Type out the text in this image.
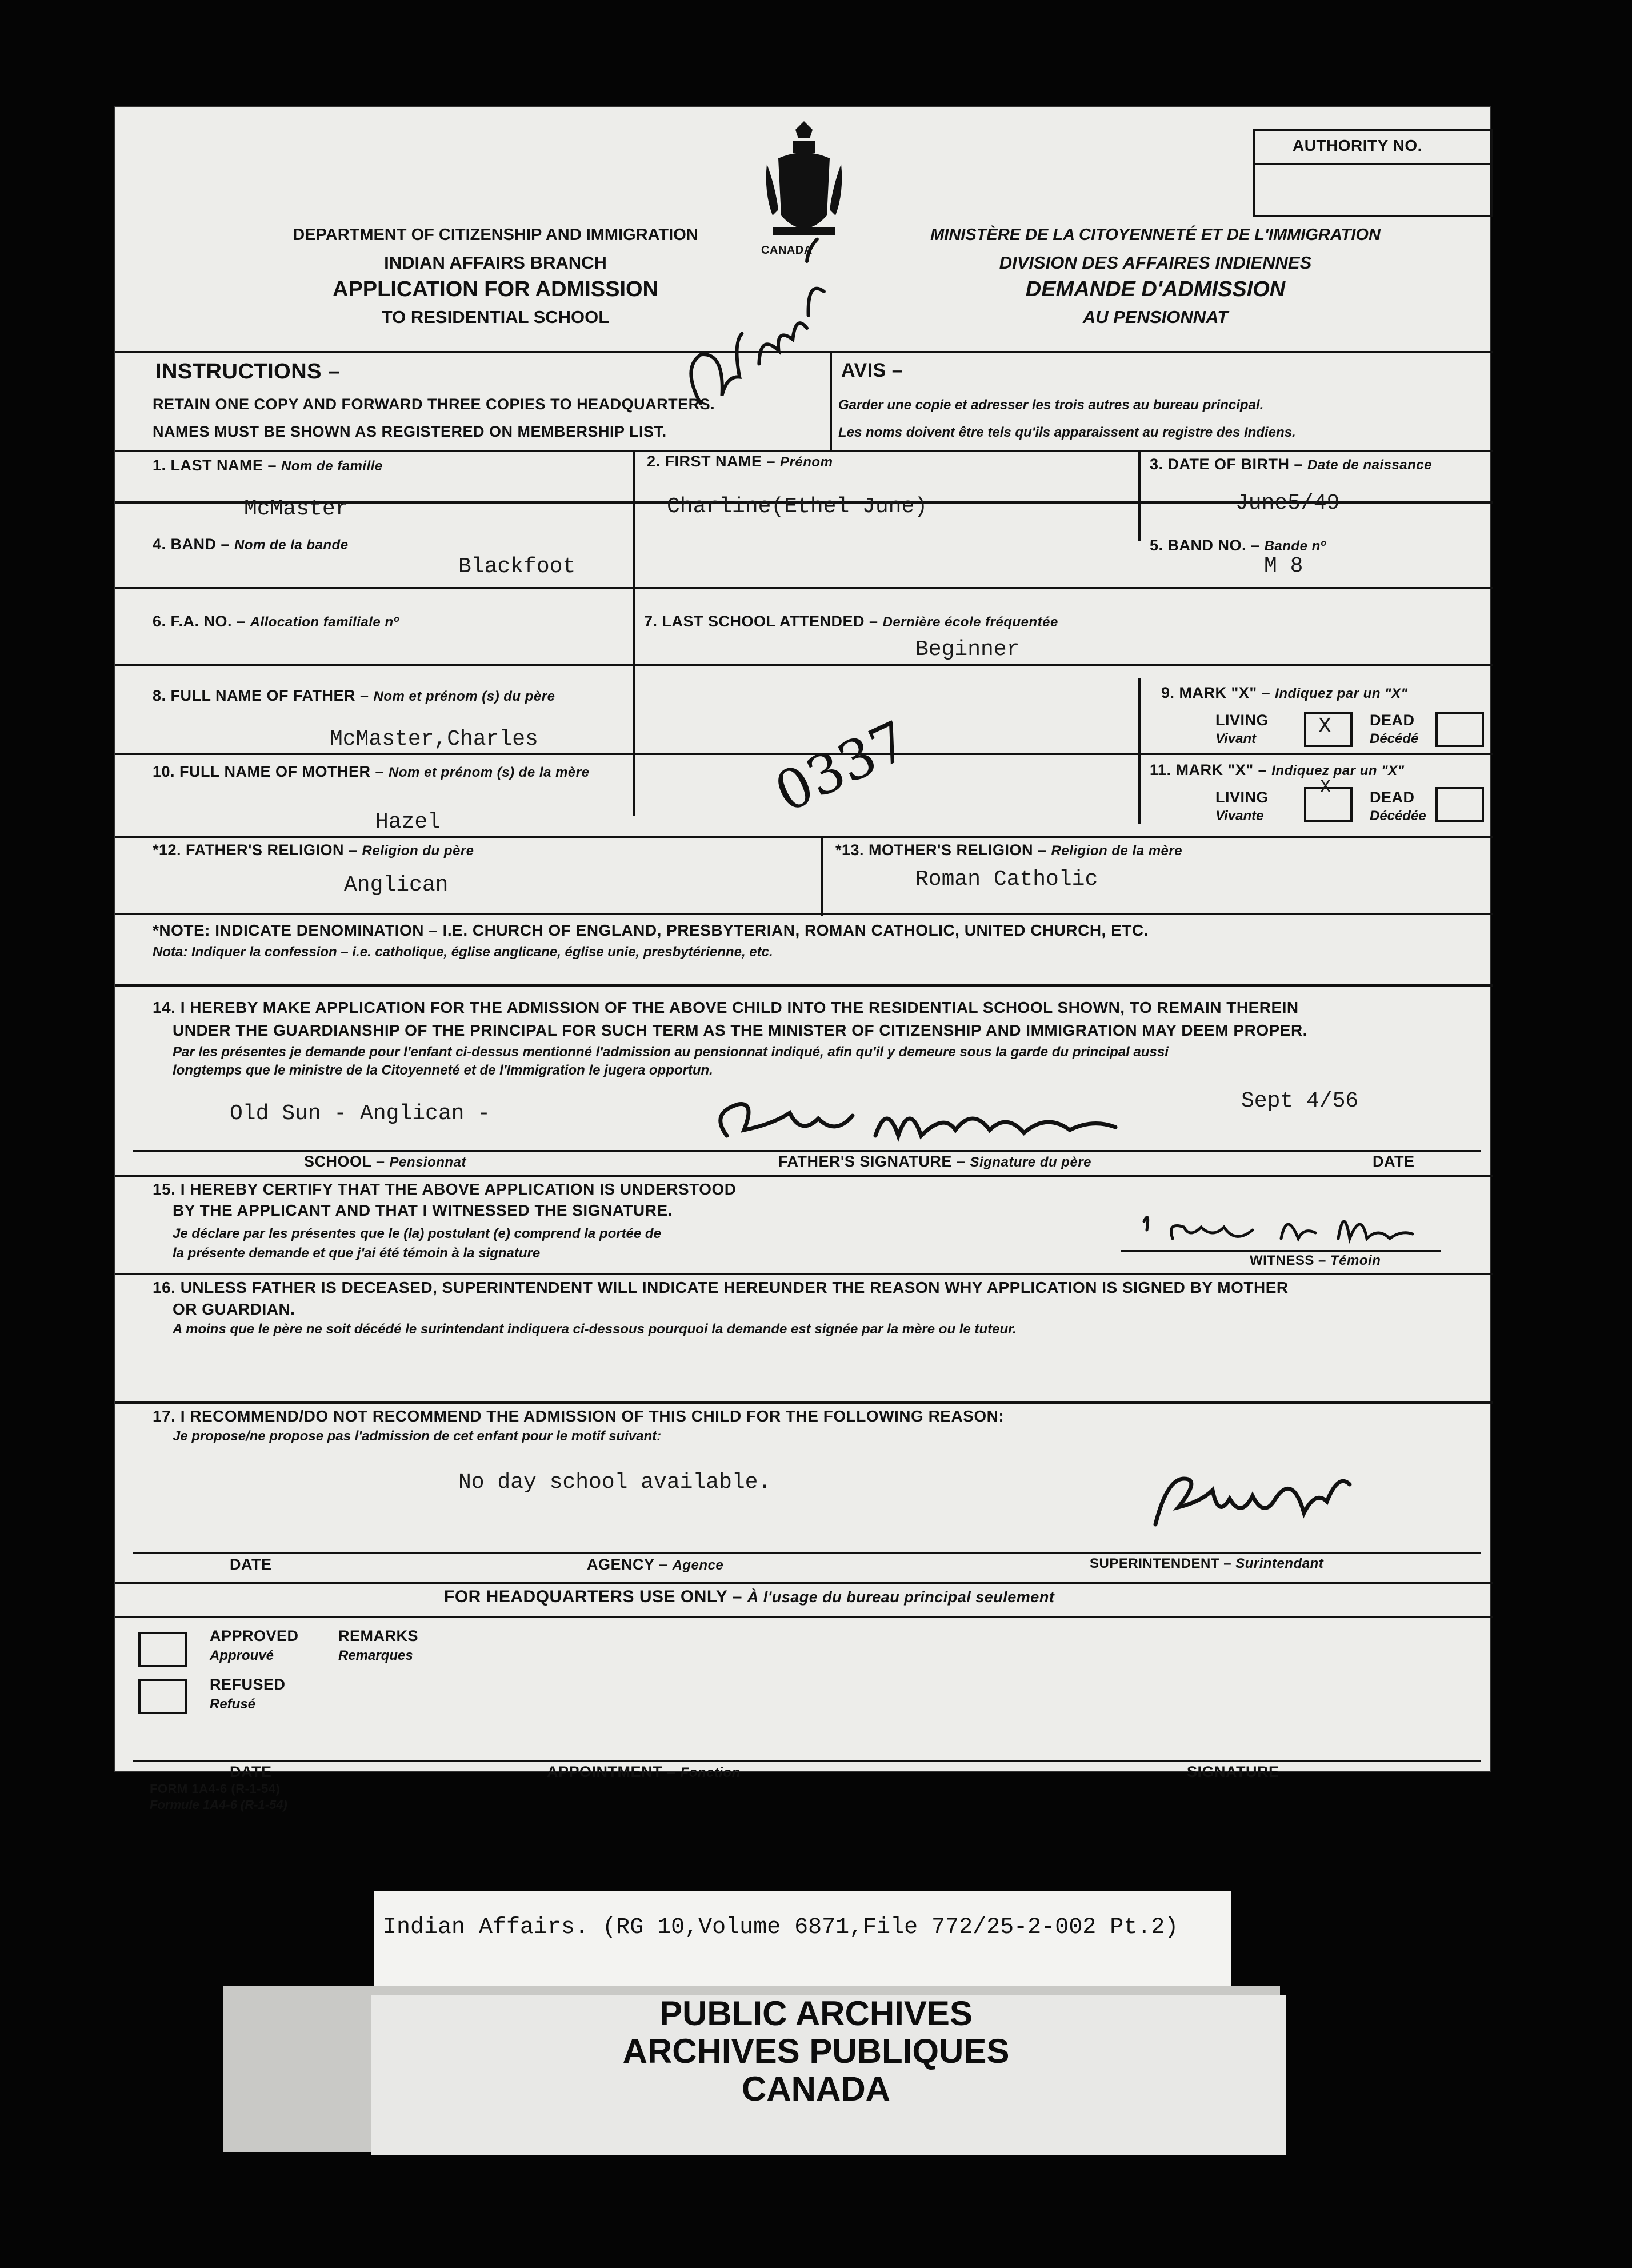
AUTHORITY NO.
CANADA
DEPARTMENT OF CITIZENSHIP AND IMMIGRATION
INDIAN AFFAIRS BRANCH
APPLICATION FOR ADMISSION
TO RESIDENTIAL SCHOOL
MINISTÈRE DE LA CITOYENNETÉ ET DE L'IMMIGRATION
DIVISION DES AFFAIRES INDIENNES
DEMANDE D'ADMISSION
AU PENSIONNAT
INSTRUCTIONS –
RETAIN ONE COPY AND FORWARD THREE COPIES TO HEADQUARTERS.
NAMES MUST BE SHOWN AS REGISTERED ON MEMBERSHIP LIST.
AVIS –
Garder une copie et adresser les trois autres au bureau principal.
Les noms doivent être tels qu'ils apparaissent au registre des Indiens.
1. LAST NAME – Nom de famille
McMaster
2. FIRST NAME – Prénom
Charline(Ethel June)
3. DATE OF BIRTH – Date de naissance
June5/49
4. BAND – Nom de la bande
Blackfoot
5. BAND NO. – Bande nº
M 8
6. F.A. NO. – Allocation familiale nº	7. LAST SCHOOL ATTENDED – Dernière école fréquentée
Beginner
8. FULL NAME OF FATHER – Nom et prénom (s) du père
McMaster,Charles
9. MARK "X" – Indiquez par un "X"
LIVING
Vivant	X DEAD
Décédé
10. FULL NAME OF MOTHER – Nom et prénom (s) de la mère
Hazel
11. MARK "X" – Indiquez par un "X"
LIVING
Vivante
X	DEAD
Décédée
0337
*12. FATHER'S RELIGION – Religion du père
Anglican
*13. MOTHER'S RELIGION – Religion de la mère
Roman Catholic
*NOTE: INDICATE DENOMINATION – I.E. CHURCH OF ENGLAND, PRESBYTERIAN, ROMAN CATHOLIC, UNITED CHURCH, ETC.
Nota: Indiquer la confession – i.e. catholique, église anglicane, église unie, presbytérienne, etc.
14. I HEREBY MAKE APPLICATION FOR THE ADMISSION OF THE ABOVE CHILD INTO THE RESIDENTIAL SCHOOL SHOWN, TO REMAIN THEREIN
UNDER THE GUARDIANSHIP OF THE PRINCIPAL FOR SUCH TERM AS THE MINISTER OF CITIZENSHIP AND IMMIGRATION MAY DEEM PROPER.
Par les présentes je demande pour l'enfant ci-dessus mentionné l'admission au pensionnat indiqué, afin qu'il y demeure sous la garde du principal aussi
longtemps que le ministre de la Citoyenneté et de l'Immigration le jugera opportun.
Old Sun - Anglican -
Sept 4/56
SCHOOL – Pensionnat	FATHER'S SIGNATURE – Signature du père	DATE
15. I HEREBY CERTIFY THAT THE ABOVE APPLICATION IS UNDERSTOOD
BY THE APPLICANT AND THAT I WITNESSED THE SIGNATURE.
Je déclare par les présentes que le (la) postulant (e) comprend la portée de
la présente demande et que j'ai été témoin à la signature	WITNESS – Témoin
16. UNLESS FATHER IS DECEASED, SUPERINTENDENT WILL INDICATE HEREUNDER THE REASON WHY APPLICATION IS SIGNED BY MOTHER
OR GUARDIAN.
A moins que le père ne soit décédé le surintendant indiquera ci-dessous pourquoi la demande est signée par la mère ou le tuteur.
17. I RECOMMEND/DO NOT RECOMMEND THE ADMISSION OF THIS CHILD FOR THE FOLLOWING REASON:
Je propose/ne propose pas l'admission de cet enfant pour le motif suivant:
No day school available.
DATE	AGENCY – Agence	SUPERINTENDENT – Surintendant
FOR HEADQUARTERS USE ONLY – À l'usage du bureau principal seulement
APPROVED
Approuvé
REMARKS
Remarques
REFUSED
Refusé
DATE	APPOINTMENT – Fonction	SIGNATURE
FORM 1A4-6 (R-1-54)
Formule 1A4-6 (R-1-54)
Indian Affairs. (RG 10,Volume 6871,File 772/25-2-002 Pt.2)
PUBLIC ARCHIVES
ARCHIVES PUBLIQUES
CANADA
